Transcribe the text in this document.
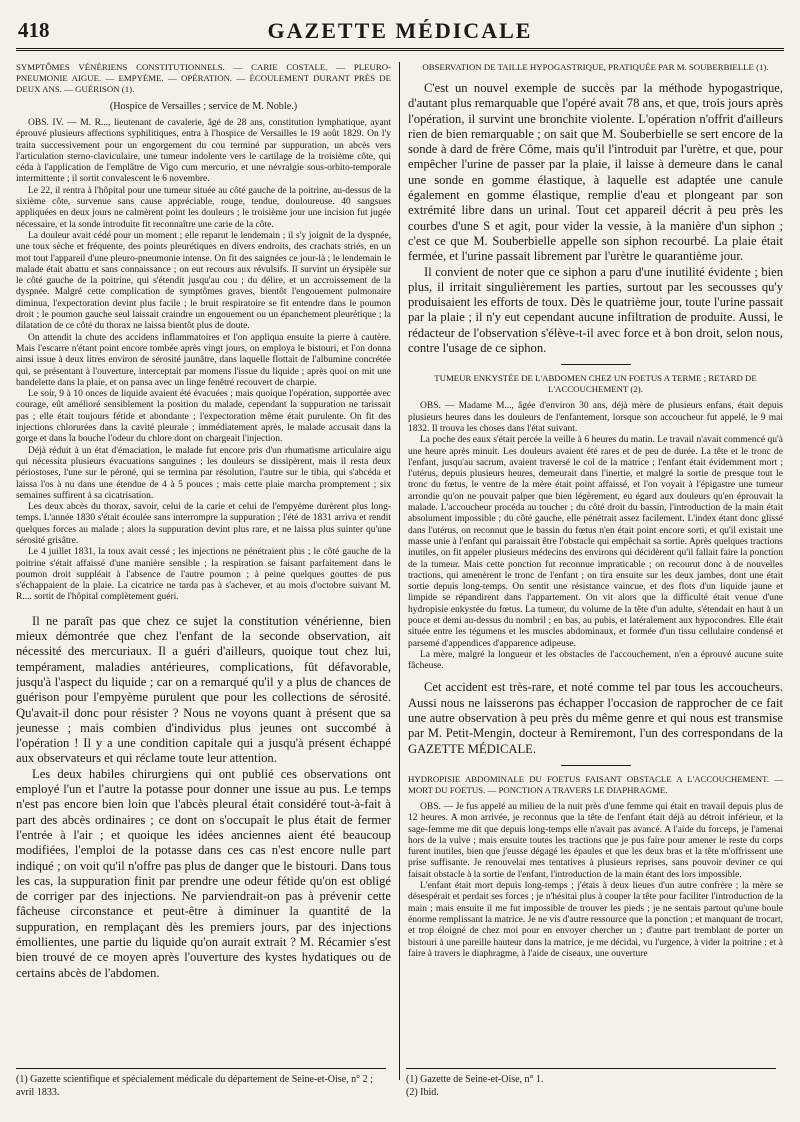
418	GAZETTE MÉDICALE
SYMPTÔMES VÉNÉRIENS CONSTITUTIONNELS. — CARIE COSTALE. — PLEURO-PNEUMONIE AIGUE. — EMPYÈME. — OPÉRATION. — ÉCOULEMENT DURANT PRÈS DE DEUX ANS. — GUÉRISON (1).
(Hospice de Versailles ; service de M. Noble.)

OBS. IV. — M. R..., lieutenant de cavalerie, âgé de 28 ans, constitution lymphatique, ayant éprouvé plusieurs affections syphilitiques, entra à l'hospice de Versailles le 19 août 1829. On l'y traita successivement pour un engorgement du cou terminé par suppuration, un abcès vers l'articulation sterno-claviculaire, une tumeur indolente vers le cartilage de la troisième côte, qui céda à l'application de l'emplâtre de Vigo cum mercurio, et une névralgie sous-orbito-temporale intermittente ; il sortit convalescent le 6 novembre.

Le 22, il rentra à l'hôpital pour une tumeur située au côté gauche de la poitrine, au-dessus de la sixième côte, survenue sans cause appréciable, rouge, tendue, douloureuse. 40 sangsues appliquées en deux jours ne calmèrent point les douleurs ; le troisième jour une incision fut jugée nécessaire, et la sonde introduite fit reconnaître une carie de la côte.

La douleur avait cédé pour un moment ; elle reparut le lendemain ; il s'y joignit de la dyspnée, une toux sèche et fréquente, des points pleurétiques en divers endroits, des crachats striés, en un mot tout l'appareil d'une pleuro-pneumonie intense. On fit des saignées ce jour-là ; le lendemain le malade était abattu et sans connaissance ; on eut recours aux révulsifs. Il survint un érysipèle sur le côté gauche de la poitrine, qui s'étendit jusqu'au cou ; du délire, et un accroissement de la dyspnée. Malgré cette complication de symptômes graves, bientôt l'engouement pulmonaire diminua, l'expectoration devint plus facile ; le bruit respiratoire se fit entendre dans le poumon droit ; le poumon gauche seul laissait craindre un engouement ou un épanchement pleurétique ; la dilatation de ce côté du thorax ne laissa bientôt plus de doute.

On attendit la chute des accidens inflammatoires et l'on appliqua ensuite la pierre à cautère. Mais l'escarre n'étant point encore tombée après vingt jours, on employa le bistouri, et l'on donna ainsi issue à deux litres environ de sérosité jaunâtre, dans laquelle flottait de l'albumine concrétée qui, se présentant à l'ouverture, interceptait par momens l'issue du liquide ; après quoi on mit une bandelette dans la plaie, et on pansa avec un linge fenêtré recouvert de charpie.

Le soir, 9 à 10 onces de liquide avaient été évacuées ; mais quoique l'opération, supportée avec courage, eût amélioré sensiblement la position du malade, cependant la suppuration ne tarissait pas ; elle était toujours fétide et abondante ; l'expectoration même était purulente. On fit des injections chlorurées dans la cavité pleurale ; immédiatement après, le malade accusait dans la gorge et dans la bouche l'odeur du chlore dont on chargeait l'injection.

Déjà réduit à un état d'émaciation, le malade fut encore pris d'un rhumatisme articulaire aigu qui nécessita plusieurs évacuations sanguines ; les douleurs se dissipèrent, mais il resta deux périostoses, l'une sur le péroné, qui se termina par résolution, l'autre sur le tibia, qui s'abcéda et laissa l'os à nu dans une étendue de 4 à 5 pouces ; mais cette plaie marcha promptement ; six semaines suffirent à sa cicatrisation.

Les deux abcès du thorax, savoir, celui de la carie et celui de l'empyème durèrent plus long-temps. L'année 1830 s'était écoulée sans interrompre la suppuration ; l'été de 1831 arriva et rendit quelques forces au malade ; alors la suppuration devint plus rare, et ne laissa plus suinter qu'une sérosité grisâtre.

Le 4 juillet 1831, la toux avait cessé ; les injections ne pénétraient plus ; le côté gauche de la poitrine s'était affaissé d'une manière sensible ; la respiration se faisant parfaitement dans le poumon droit suppléait à l'absence de l'autre poumon ; à peine quelques gouttes de pus s'échappaient de la plaie. La cicatrice ne tarda pas à s'achever, et au mois d'octobre suivant M. R.... sortit de l'hôpital complètement guéri.

Il ne paraît pas que chez ce sujet la constitution vénérienne, bien mieux démontrée que chez l'enfant de la seconde observation, ait nécessité des mercuriaux. Il a guéri d'ailleurs, quoique tout chez lui, tempérament, maladies antérieures, complications, fût défavorable, jusqu'à l'aspect du liquide ; car on a remarqué qu'il y a plus de chances de guérison pour l'empyème purulent que pour les collections de sérosité. Qu'avait-il donc pour résister ? Nous ne voyons quant à présent que sa jeunesse ; mais combien d'individus plus jeunes ont succombé à l'opération ! Il y a une condition capitale qui a jusqu'à présent échappé aux observateurs et qui réclame toute leur attention.

Les deux habiles chirurgiens qui ont publié ces observations ont employé l'un et l'autre la potasse pour donner une issue au pus. Le temps n'est pas encore bien loin que l'abcès pleural était considéré tout-à-fait à part des abcès ordinaires ; ce dont on s'occupait le plus était de fermer l'entrée à l'air ; et quoique les idées anciennes aient été beaucoup modifiées, l'emploi de la potasse dans ces cas n'est encore nulle part indiqué ; on voit qu'il n'offre pas plus de danger que le bistouri. Dans tous les cas, la suppuration finit par prendre une odeur fétide qu'on est obligé de corriger par des injections. Ne parviendrait-on pas à prévenir cette fâcheuse circonstance et peut-être à diminuer la quantité de la suppuration, en remplaçant dès les premiers jours, par des injections émollientes, une partie du liquide qu'on aurait extrait ? M. Récamier s'est bien trouvé de ce moyen après l'ouverture des kystes hydatiques ou de certains abcès de l'abdomen.

OBSERVATION DE TAILLE HYPOGASTRIQUE, PRATIQUÉE PAR M. SOUBERBIELLE (1).

C'est un nouvel exemple de succès par la méthode hypogastrique, d'autant plus remarquable que l'opéré avait 78 ans, et que, trois jours après l'opération, il survint une bronchite violente. L'opération n'offrit d'ailleurs rien de bien remarquable ; on sait que M. Souberbielle se sert encore de la sonde à dard de frère Côme, mais qu'il l'introduit par l'urètre, et que, pour empêcher l'urine de passer par la plaie, il laisse à demeure dans le canal une sonde en gomme élastique, à laquelle est adaptée une canule également en gomme élastique, remplie d'eau et plongeant par son extrémité libre dans un urinal. Tout cet appareil décrit à peu près les courbes d'une S et agit, pour vider la vessie, à la manière d'un siphon ; c'est ce que M. Souberbielle appelle son siphon recourbé. La plaie était fermée, et l'urine passait librement par l'urètre le quarantième jour.

Il convient de noter que ce siphon a paru d'une inutilité évidente ; bien plus, il irritait singulièrement les parties, surtout par les secousses qu'y produisaient les efforts de toux. Dès le quatrième jour, toute l'urine passait par la plaie ; il n'y eut cependant aucune infiltration de produite. Aussi, le rédacteur de l'observation s'élève-t-il avec force et à bon droit, selon nous, contre l'usage de ce siphon.

TUMEUR ENKYSTÉE DE L'ABDOMEN CHEZ UN FOETUS A TERME ; RETARD DE L'ACCOUCHEMENT (2).

OBS. — Madame M..., âgée d'environ 30 ans, déjà mère de plusieurs enfans, était depuis plusieurs heures dans les douleurs de l'enfantement, lorsque son accoucheur fut appelé, le 9 mai 1832. Il trouva les choses dans l'état suivant.

La poche des eaux s'était percée la veille à 6 heures du matin. Le travail n'avait commencé qu'à une heure après minuit. Les douleurs avaient été rares et de peu de durée. La tête et le tronc de l'enfant, jusqu'au sacrum, avaient traversé le col de la matrice ; l'enfant était évidemment mort ; l'utérus, depuis plusieurs heures, demeurait dans l'inertie, et malgré la sortie de presque tout le tronc du fœtus, le ventre de la mère était point affaissé, et l'on voyait à l'épigastre une tumeur arrondie qu'on ne pouvait palper que bien légèrement, eu égard aux douleurs qu'en éprouvait la malade. L'accoucheur procéda au toucher ; du côté droit du bassin, l'introduction de la main était absolument impossible ; du côté gauche, elle pénétrait assez facilement. L'index étant donc glissé dans l'utérus, on reconnut que le bassin du fœtus n'en était point encore sorti, et qu'il existait une masse unie à l'enfant qui paraissait être l'obstacle qui empêchait sa sortie. Après quelques tractions inutiles, on fit appeler plusieurs médecins des environs qui décidèrent qu'il fallait faire la ponction de la tumeur. Mais cette ponction fut reconnue impraticable ; on recourut donc à de nouvelles tractions, qui amenèrent le tronc de l'enfant ; on tira ensuite sur les deux jambes, dont une était sortie depuis long-temps. On sentit une résistance vaincue, et des flots d'un liquide jaune et limpide se répandirent dans l'appartement. On vit alors que la difficulté était venue d'une hydropisie enkystée du fœtus. La tumeur, du volume de la tête d'un adulte, s'étendait en haut à un pouce et demi au-dessus du nombril ; en bas, au pubis, et latéralement aux hypocondres. Elle était située entre les tégumens et les muscles abdominaux, et formée d'un tissu cellulaire condensé et parsemé d'appendices d'apparence adipeuse.

La mère, malgré la longueur et les obstacles de l'accouchement, n'en a éprouvé aucune suite fâcheuse.

Cet accident est très-rare, et noté comme tel par tous les accoucheurs. Aussi nous ne laisserons pas échapper l'occasion de rapprocher de ce fait une autre observation à peu près du même genre et qui nous est transmise par M. Petit-Mengin, docteur à Remiremont, l'un des correspondans de la GAZETTE MÉDICALE.

HYDROPISIE ABDOMINALE DU FOETUS FAISANT OBSTACLE A L'ACCOUCHEMENT. — MORT DU FOETUS. — PONCTION A TRAVERS LE DIAPHRAGME.

OBS. — Je fus appelé au milieu de la nuit près d'une femme qui était en travail depuis plus de 12 heures. A mon arrivée, je reconnus que la tête de l'enfant était déjà au détroit inférieur, et la sage-femme me dit que depuis long-temps elle n'avait pas avancé. A l'aide du forceps, je l'amenai hors de la vulve ; mais ensuite toutes les tractions que je pus faire pour amener le reste du corps furent inutiles, bien que j'eusse dégagé les épaules et que les deux bras et la tête m'offrissent une prise suffisante. Je renouvelai mes tentatives à plusieurs reprises, sans pouvoir deviner ce qui faisait obstacle à la sortie de l'enfant, l'introduction de la main étant des lors impossible.

L'enfant était mort depuis long-temps ; j'étais à deux lieues d'un autre confrère ; la mère se désespérait et perdait ses forces ; je n'hésitai plus à couper la tête pour faciliter l'introduction de la main ; mais ensuite il me fut impossible de trouver les pieds ; je ne sentais partout qu'une boule énorme remplissant la matrice. Je ne vis d'autre ressource que la ponction ; et manquant de trocart, et trop éloigné de chez moi pour en envoyer chercher un ; d'autre part tremblant de porter un bistouri à une pareille hauteur dans la matrice, je me décidai, vu l'urgence, à vider la poitrine ; et à faire à travers le diaphragme, à l'aide de ciseaux, une ouverture

(1) Gazette scientifique et spécialement médicale du département de Seine-et-Oise, n° 2 ; avril 1833.
(1) Gazette de Seine-et-Oise, n° 1.
(2) Ibid.
